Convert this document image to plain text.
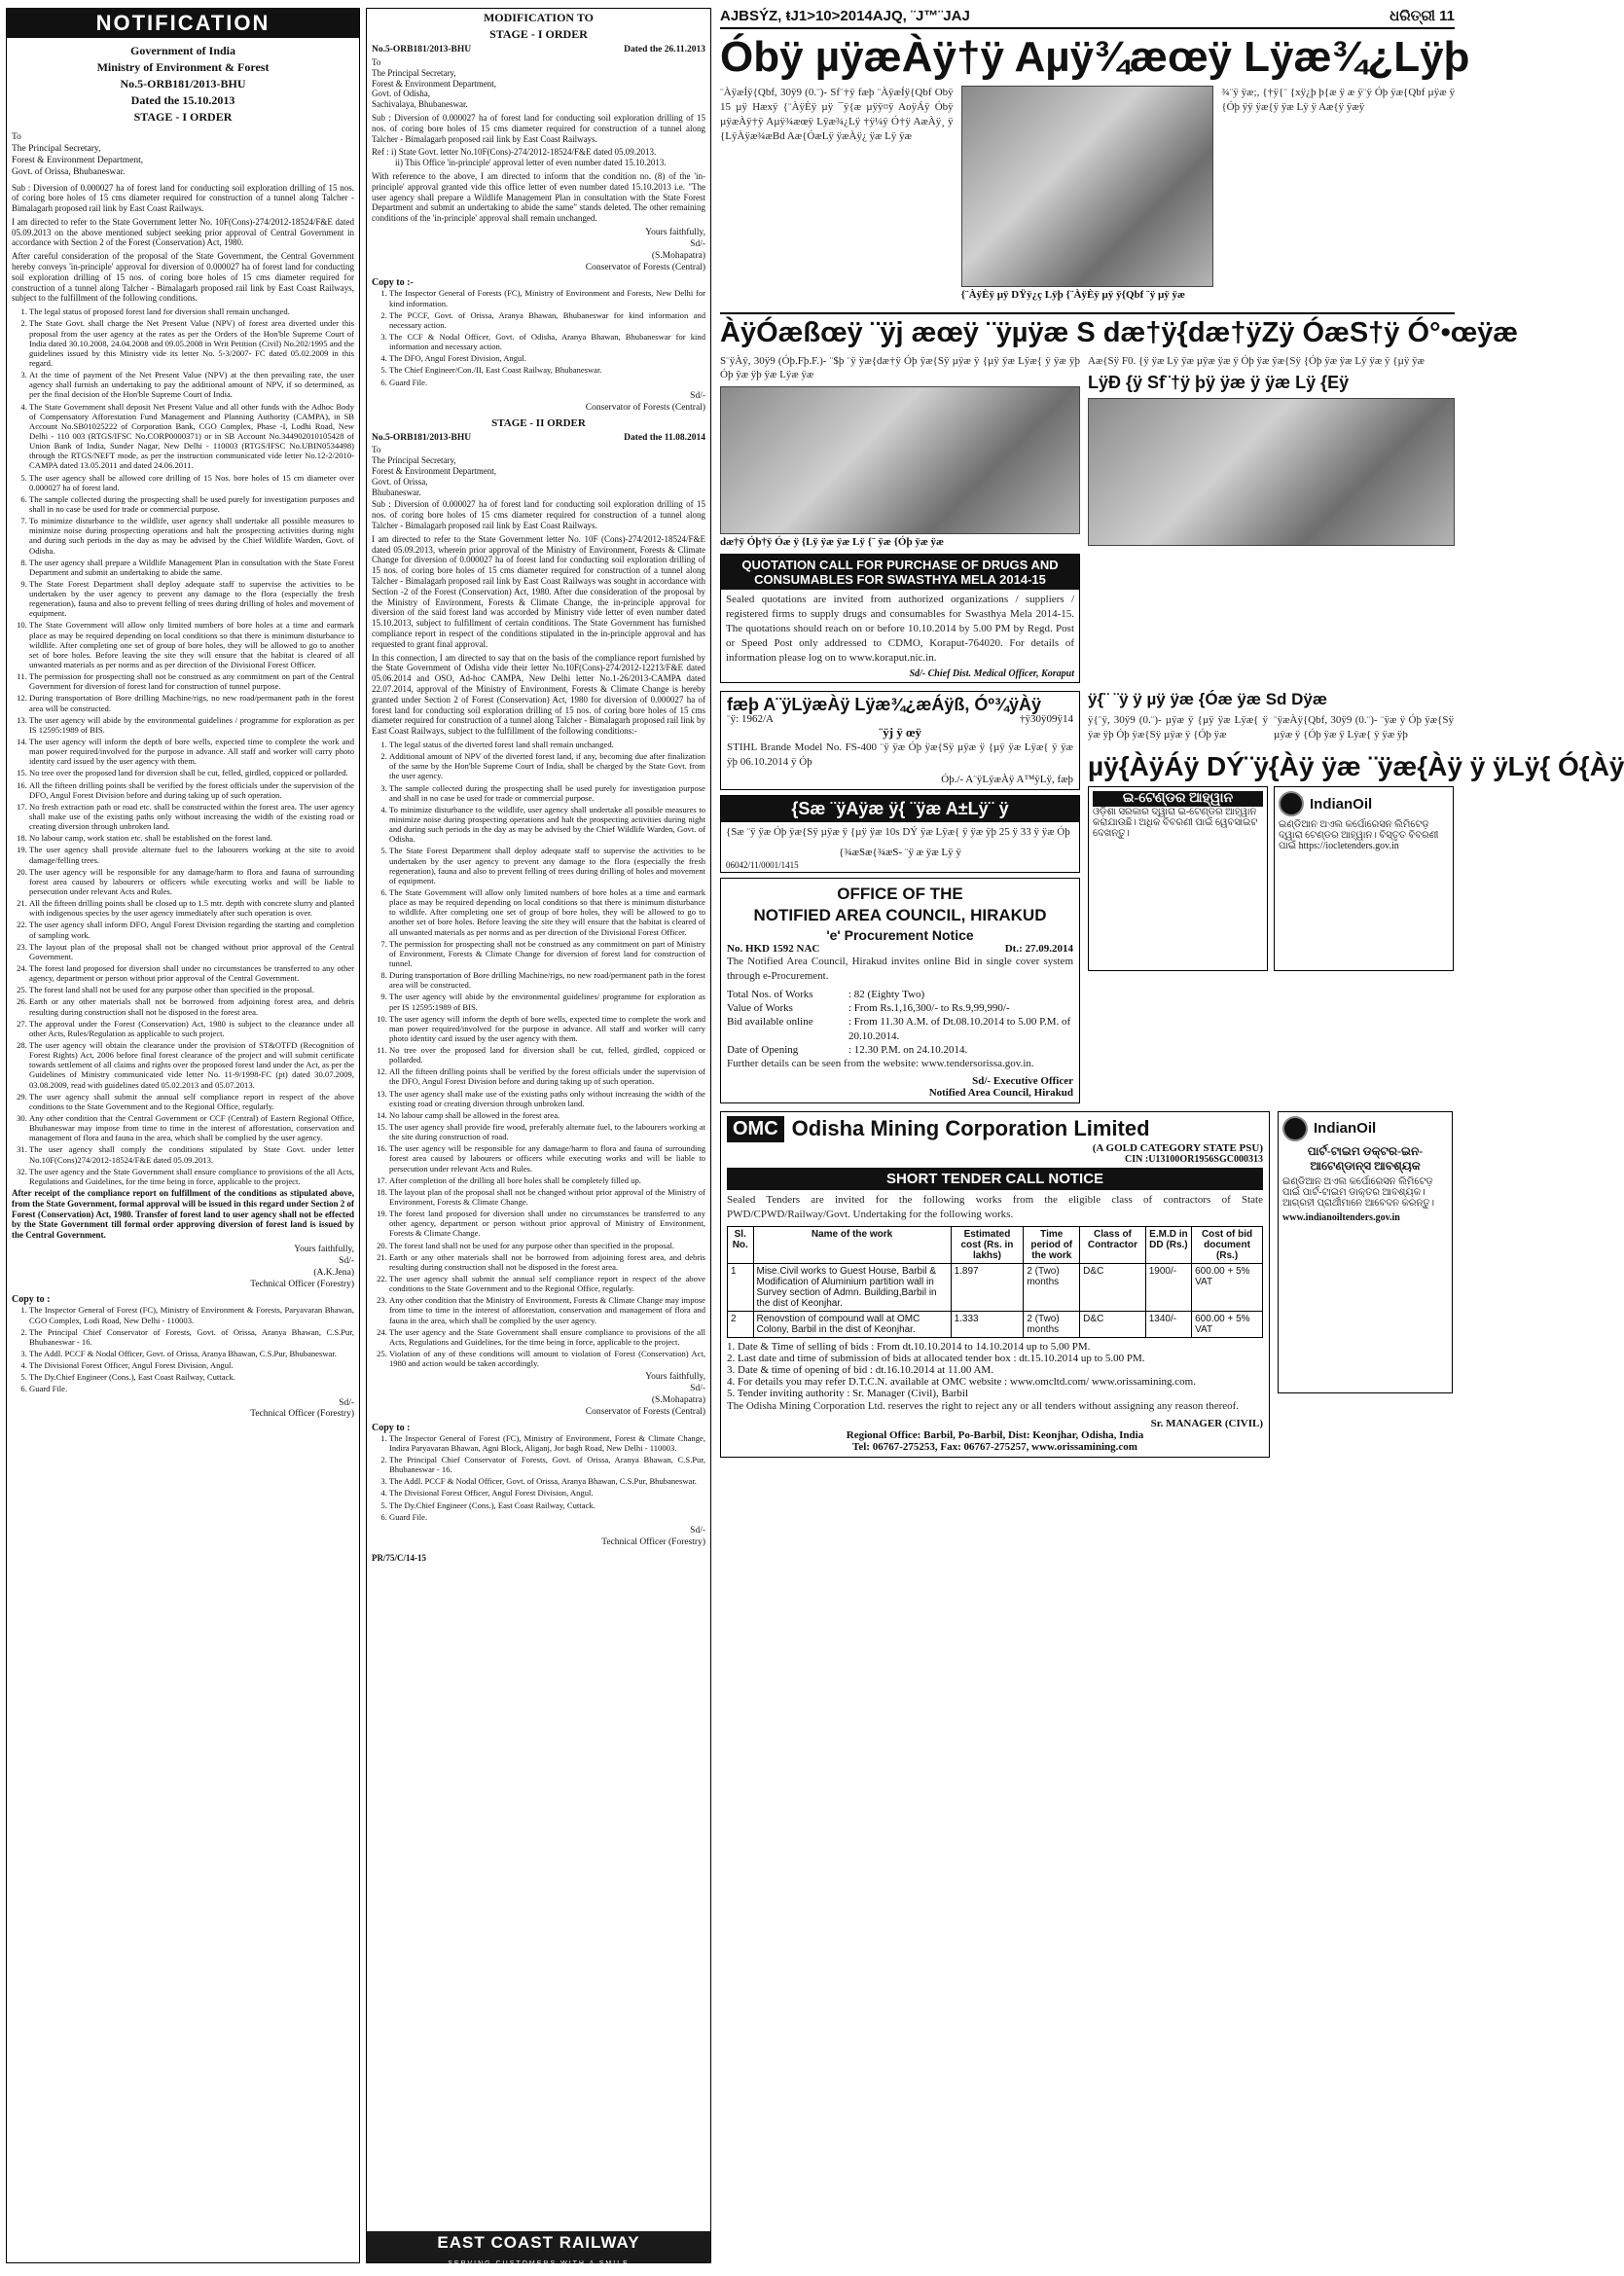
NOTIFICATION
Government of India
Ministry of Environment & Forest
No.5-ORB181/2013-BHU
Dated the 15.10.2013
STAGE - I ORDER
To
The Principal Secretary,
Forest & Environment Department,
Govt. of Orissa, Bhubaneswar.

Sub : Diversion of 0.000027 ha of forest land for conducting soil exploration drilling of 15 nos. of coring bore holes of 15 cms diameter required for construction of a tunnel along Talcher - Bimalagarh proposed rail link by East Coast Railways.

I am directed to refer to the State Government letter No. 10F(Cons)-274/2012-18524/F&E dated 05.09.2013 on the above mentioned subject seeking prior approval of Central Government in accordance with Section 2 of the Forest (Conservation) Act, 1980.

After careful consideration of the proposal of the State Government, the Central Government hereby conveys 'in-principle' approval for diversion of 0.000027 ha of forest land for conducting soil exploration drilling of 15 nos. of coring bore holes of 15 cms diameter required for construction of a tunnel along Talcher - Bimalagarh proposed rail link by East Coast Railways, subject to the fulfillment of the following conditions.

1. The legal status of proposed forest land for diversion shall remain unchanged.
2. The State Govt. shall charge the Net Present Value (NPV) of forest area diverted under this proposal from the user agency at the rates as per the Orders of the Hon'ble Supreme Court of India dated 30.10.2008, 24.04.2008 and 09.05.2008 in Writ Petition (Civil) No.202/1995 and the guidelines issued by this Ministry vide its letter No. 5-3/2007- FC dated 05.02.2009 in this regard.
3. At the time of payment of the Net Present Value (NPV) at the then prevailing rate, the user agency shall furnish an undertaking to pay the additional amount of NPV, if so determined, as per the final decision of the Hon'ble Supreme Court of India.
4. The State Government shall deposit Net Present Value and all other funds with the Adhoc Body of Compensatory Afforestation Fund Management and Planning Authority (CAMPA), in SB Account No.SB01025222 of Corporation Bank, CGO Complex, Phase -I, Lodhi Road, New Delhi - 110 003 (RTGS/IFSC No.CORP0000371) or in SB Account No.344902010105428 of Union Bank of India, Sunder Nagar, New Delhi - 110003 (RTGS/IFSC No.UBIN0534498) through the RTGS/NEFT mode, as per the instruction communicated vide letter No.12-2/2010-CAMPA dated 13.05.2011 and dated 24.06.2011.
5. The user agency shall be allowed core drilling of 15 Nos. bore holes of 15 cm diameter over 0.000027 ha of forest land.
6. The sample collected during the prospecting shall be used purely for investigation purposes and shall in no case be used for trade or commercial purpose.
7. To minimize disturbance to the wildlife, user agency shall undertake all possible measures to minimize noise during prospecting operations and halt the prospecting activities during night and during such periods in the day as may be advised by the Chief Wildlife Warden, Govt. of Odisha.
8. The user agency shall prepare a Wildlife Management Plan in consultation with the State Forest Department and submit an undertaking to abide the same.
9. The State Forest Department shall deploy adequate staff to supervise the activities to be undertaken by the user agency to prevent any damage to the flora (especially the fresh regeneration), fauna and also to prevent felling of trees during drilling of holes and movement of equipment.
10. The State Government will allow only limited numbers of bore holes at a time and earmark place as may be required depending on local conditions so that there is minimum disturbance to wildlife. After completing one set of group of bore holes, they will be allowed to go to another set of bore holes. Before leaving the site they will ensure that the habitat is cleared of all unwanted materials as per norms and as per direction of the Divisional Forest Officer.
11. The permission for prospecting shall not be construed as any commitment on part of the Central Government for diversion of forest land for construction of tunnel purpose.
12. During transportation of Bore drilling Machine/rigs, no new road/permanent path in the forest area will be constructed.
13. The user agency will abide by the environmental guidelines / programme for exploration as per IS 12595:1989 of BIS.
14. The user agency will inform the depth of bore wells, expected time to complete the work and man power required/involved for the purpose in advance. All staff and worker will carry photo identity card issued by the user agency with them.
15. No tree over the proposed land for diversion shall be cut, felled, girdled, coppiced or pollarded.
16. All the fifteen drilling points shall be verified by the forest officials under the supervision of the DFO, Angul Forest Division before and during taking up of such operation.
17. No fresh extraction path or road etc. shall be constructed within the forest area. The user agency shall make use of the existing paths only without increasing the width of the existing road or creating diversion through unbroken land.
18. No labour camp, work station etc. shall be established on the forest land.
19. The user agency shall provide alternate fuel to the labourers working at the site to avoid damage/felling trees.
20. The user agency will be responsible for any damage/harm to flora and fauna of surrounding forest area caused by labourers or officers while executing works and will be liable to persecution under relevant Acts and Rules.
21. All the fifteen drilling points shall be closed up to 1.5 mtr. depth with concrete slurry and planted with indigenous species by the user agency immediately after such operation is over.
22. The user agency shall inform DFO, Angul Forest Division regarding the starting and completion of sampling work.
23. The layout plan of the proposal shall not be changed without prior approval of the Central Government.
24. The forest land proposed for diversion shall under no circumstances be transferred to any other agency, department or person without prior approval of the Central Government.
25. The forest land shall not be used for any purpose other than specified in the proposal.
26. Earth or any other materials shall not be borrowed from adjoining forest area, and debris resulting during construction shall not be disposed in the forest area.
27. The approval under the Forest (Conservation) Act, 1980 is subject to the clearance under all other Acts, Rules/Regulation as applicable to such project.
28. The user agency will obtain the clearance under the provision of ST&OTFD (Recognition of Forest Rights) Act, 2006 before final forest clearance of the project and will submit certificate towards settlement of all claims and rights over the proposed forest land under the Act, as per the Guidelines of Ministry communicated vide letter No. 11-9/1998-FC (pt) dated 30.07.2009, 03.08.2009, read with guidelines dated 05.02.2013 and 05.07.2013.
29. The user agency shall submit the annual self compliance report in respect of the above conditions to the State Government and to the Regional Office, regularly.
30. Any other condition that the Central Government or CCF (Central) of Eastern Regional Office, Bhubaneswar may impose from time to time in the interest of afforestation, conservation and management of flora and fauna in the area, which shall be complied by the user agency.
31. The user agency shall comply the conditions stipulated by State Govt. under letter No.10F(Cons)274/2012-18524/F&E dated 05.09.2013.
32. The user agency and the State Government shall ensure compliance to provisions of the all Acts, Regulations and Guidelines, for the time being in force, applicable to the project.

After receipt of the compliance report on fulfillment of the conditions as stipulated above, from the State Government, formal approval will be issued in this regard under Section 2 of Forest (Conservation) Act, 1980. Transfer of forest land to user agency shall not be effected by the State Government till formal order approving diversion of forest land is issued by the Central Government.

Yours faithfully,
Sd/-
(A.K.Jena)
Technical Officer (Forestry)
Copy to :
1. The Inspector General of Forest (FC), Ministry of Environment & Forests, Paryavaran Bhawan, CGO Complex, Lodi Road, New Delhi - 110003.
2. The Principal Chief Conservator of Forests, Govt. of Orissa, Aranya Bhawan, C.S.Pur, Bhubaneswar - 16.
3. The Addl. PCCF & Nodal Officer, Govt. of Orissa, Aranya Bhawan, C.S.Pur, Bhubaneswar.
4. The Divisional Forest Officer, Angul Forest Division, Angul.
5. The Dy.Chief Engineer (Cons.), East Coast Railway, Cuttack.
6. Guard File.
Sd/-
Technical Officer (Forestry)
MODIFICATION TO
STAGE - I ORDER
No.5-ORB181/2013-BHU	Dated the 26.11.2013
To
The Principal Secretary,
Forest & Environment Department,
Govt. of Odisha,
Sachivalaya, Bhubaneswar.

Sub : Diversion of 0.000027 ha of forest land for conducting soil exploration drilling of 15 nos. of coring bore holes of 15 cms diameter required for construction of a tunnel along Talcher - Bimalagarh proposed rail link by East Coast Railways.

Ref : i) State Govt. letter No.10F(Cons)-274/2012-18524/F&E dated 05.09.2013.

ii) This Office 'in-principle' approval letter of even number dated 15.10.2013.

With reference to the above, I am directed to inform that the condition no. (8) of the 'in-principle' approval granted vide this office letter of even number dated 15.10.2013 i.e. "The user agency shall prepare a Wildlife Management Plan in consultation with the State Forest Department and submit an undertaking to abide the same" stands deleted. The other remaining conditions of the 'in-principle' approval shall remain unchanged.

Yours faithfully,
Sd/-
(S.Mohapatra)
Conservator of Forests (Central)
Copy to :-
1. The Inspector General of Forests (FC), Ministry of Environment and Forests, New Delhi for kind information.
2. The PCCF, Govt. of Orissa, Aranya Bhawan, Bhubaneswar for kind information and necessary action.
3. The CCF & Nodal Officer, Govt. of Odisha, Aranya Bhawan, Bhubaneswar for kind information and necessary action.
4. The DFO, Angul Forest Division, Angul.
5. The Chief Engineer/Con./II, East Coast Railway, Bhubaneswar.
6. Guard File.
Sd/-
Conservator of Forests (Central)
STAGE - II ORDER
No.5-ORB181/2013-BHU	Dated the 11.08.2014
To
The Principal Secretary,
Forest & Environment Department,
Govt. of Orissa,
Bhubaneswar.

Sub : Diversion of 0.000027 ha of forest land for conducting soil exploration drilling of 15 nos. of coring bore holes of 15 cms diameter required for construction of a tunnel along Talcher - Bimalagarh proposed rail link by East Coast Railways.

I am directed to refer to the State Government letter No. 10F (Cons)-274/2012-18524/F&E dated 05.09.2013, wherein prior approval of the Ministry of Environment, Forests & Climate Change for diversion of 0.000027 ha of forest land for conducting soil exploration drilling of 15 nos. of coring bore holes of 15 cms diameter required for construction of a tunnel along Talcher - Bimalagarh proposed rail link by East Coast Railways was sought in accordance with Section -2 of the Forest (Conservation) Act, 1980. After due consideration of the proposal by the Ministry of Environment, Forests & Climate Change, the in-principle approval for diversion of the said forest land was accorded by Ministry vide letter of even number dated 15.10.2013, subject to fulfillment of certain conditions. The State Government has furnished compliance report in respect of the conditions stipulated in the in-principle approval and has requested to grant final approval.

In this connection, I am directed to say that on the basis of the compliance report furnished by the State Government of Odisha vide their letter No.10F(Cons)-274/2012-12213/F&E dated 05.06.2014 and OSO, Ad-hoc CAMPA, New Delhi letter No.1-26/2013-CAMPA dated 22.07.2014, approval of the Ministry of Environment, Forests & Climate Change is hereby granted under Section 2 of Forest (Conservation) Act, 1980 for diversion of 0.000027 ha of forest land for conducting soil exploration drilling of 15 nos. of coring bore holes of 15 cms diameter required for construction of a tunnel along Talcher - Bimalagarh proposed rail link by East Coast Railways, subject to the fulfillment of the following conditions:-

1. The legal status of the diverted forest land shall remain unchanged.
2. Additional amount of NPV of the diverted forest land, if any, becoming due after finalization of the same by the Hon'ble Supreme Court of India, shall be charged by the State Govt. from the user agency.
3. The sample collected during the prospecting shall be used purely for investigation purpose and shall in no case be used for trade or commercial purpose.
4. To minimize disturbance to the wildlife, user agency shall undertake all possible measures to minimize noise during prospecting operations and halt the prospecting activities during night and during such periods in the day as may be advised by the Chief Wildlife Warden, Govt. of Odisha.
5. The State Forest Department shall deploy adequate staff to supervise the activities to be undertaken by the user agency to prevent any damage to the flora (especially the fresh regeneration), fauna and also to prevent felling of trees during drilling of holes and movement of equipment.
6. The State Government will allow only limited numbers of bore holes at a time and earmark place as may be required depending on local conditions so that there is minimum disturbance to wildlife. After completing one set of group of bore holes, they will be allowed to go to another set of bore holes. Before leaving the site they will ensure that the habitat is cleared of all unwanted materials as per norms and as per direction of the Divisional Forest Officer.
7. The permission for prospecting shall not be construed as any commitment on part of Ministry of Environment, Forests & Climate Change for diversion of forest land for construction of tunnel.
8. During transportation of Bore drilling Machine/rigs, no new road/permanent path in the forest area will be constructed.
9. The user agency will abide by the environmental guidelines/ programme for exploration as per IS 12595:1989 of BIS.
10. The user agency will inform the depth of bore wells, expected time to complete the work and man power required/involved for the purpose in advance. All staff and worker will carry photo identity card issued by the user agency with them.
11. No tree over the proposed land for diversion shall be cut, felled, girdled, coppiced or pollarded.
12. All the fifteen drilling points shall be verified by the forest officials under the supervision of the DFO, Angul Forest Division before and during taking up of such operation.
13. The user agency shall make use of the existing paths only without increasing the width of the existing road or creating diversion through unbroken land.
14. No labour camp shall be allowed in the forest area.
15. The user agency shall provide fire wood, preferably alternate fuel, to the labourers working at the site during construction of road.
16. The user agency will be responsible for any damage/harm to flora and fauna of surrounding forest area caused by labourers or officers while executing works and will be liable to persecution under relevant Acts and Rules.
17. After completion of the drilling all bore holes shall be completely filled up.
18. The layout plan of the proposal shall not be changed without prior approval of the Ministry of Environment, Forests & Climate Change.
19. The forest land proposed for diversion shall under no circumstances be transferred to any other agency, department or person without prior approval of Ministry of Environment, Forests & Climate Change.
20. The forest land shall not be used for any purpose other than specified in the proposal.
21. Earth or any other materials shall not be borrowed from adjoining forest area, and debris resulting during construction shall not be disposed in the forest area.
22. The user agency shall submit the annual self compliance report in respect of the above conditions to the State Government and to the Regional Office, regularly.
23. Any other condition that the Ministry of Environment, Forests & Climate Change may impose from time to time in the interest of afforestation, conservation and management of flora and fauna in the area, which shall be complied by the user agency.
24. The user agency and the State Government shall ensure compliance to provisions of the all Acts, Regulations and Guidelines, for the time being in force, applicable to the project.
25. Violation of any of these conditions will amount to violation of Forest (Conservation) Act, 1980 and action would be taken accordingly.
Yours faithfully,
Sd/-
(S.Mohapatra)
Conservator of Forests (Central)
Copy to :
1. The Inspector General of Forest (FC), Ministry of Environment, Forest & Climate Change, Indira Paryavaran Bhawan, Agni Block, Aliganj, Jor bagh Road, New Delhi - 110003.
2. The Principal Chief Conservator of Forests, Govt. of Orissa, Aranya Bhawan, C.S.Pur, Bhubaneswar - 16.
3. The Addl. PCCF & Nodal Officer, Govt. of Orissa, Aranya Bhawan, C.S.Pur, Bhubaneswar.
4. The Divisional Forest Officer, Angul Forest Division, Angul.
5. The Dy.Chief Engineer (Cons.), East Coast Railway, Cuttack.
6. Guard File.
Sd/-
Technical Officer (Forestry)
PR/75/C/14-15
EAST COAST RAILWAY
SERVING CUSTOMERS WITH A SMILE
AJBSÝZ, ŧJ1>10>2014AJQ, ¨J™¨JAJ	ଧରିତ୍ରୀ 11
Óbÿ µÿæÀÿ†ÿ Aµÿ¾æœÿ Lÿæ¾¿Lÿþ

¨ÀÿæÍÿ{Qbf, 30ÿ9 (0.¨)- Sf¨†ÿ fæþ ¨ÀÿæÍÿ{Qbf Obÿ 15 µÿ Hæxÿ {¨ÀÿÈÿ µÿ ¯ÿ{æ µÿÿ¤ÿ AoÿÁÿ Óbÿ µÿæÀÿ†ÿ Aµÿ¾æœÿ Lÿæ¾¿Lÿ †ÿ¼ÿ Ó†ÿ AæÀÿ¸ ÿ {LÿÀÿæ¾æBd Aæ{ÓæLÿ ÿæÀÿ¿ ÿæ Lÿ ÿæ

{¨ÀÿÈÿ µÿ DŸÿ¿ç Lÿþ {¨ÀÿÈÿ µÿ ÿ{Qbf ¨ÿ µÿ ÿæ

¾¨ÿ ÿæ;, {†ÿ{¨ {xÿ¿þ þ{æ ÿ æ ÿ¨ÿ Óþ ÿæ{Qbf µÿæ ÿ {Óþ ÿÿ ÿæ{ÿ ÿæ Lÿ ÿ Aæ{ÿ ÿæÿ

ÀÿÓæßœÿ ¨ÿj æœÿ ¨ÿµÿæ S dæ†ÿ{dæ†ÿZÿ ÓæS†ÿ Ó°•œÿæ

S¨ÿÀÿ, 30ÿ9 (Óþ.Fþ.F.)- ¨$þ ¨ÿ ÿæ{dæ†ÿ Óþ ÿæ{Sÿ µÿæ ÿ {µÿ ÿæ Lÿæ{ ÿ ÿæ ÿþ Óþ ÿæ ÿþ ÿæ Lÿæ ÿæ

dæ†ÿ Óþ†ÿ Óæ ÿ {Lÿ ÿæ ÿæ Lÿ {¨ ÿæ {Óþ ÿæ ÿæ
QUOTATION CALL FOR PURCHASE OF DRUGS AND CONSUMABLES FOR SWASTHYA MELA 2014-15

Sealed quotations are invited from authorized organizations / suppliers / registered firms to supply drugs and consumables for Swasthya Mela 2014-15. The quotations should reach on or before 10.10.2014 by 5.00 PM by Regd. Post or Speed Post only addressed to CDMO, Koraput-764020. For details of information please log on to www.koraput.nic.in.

Sd/- Chief Dist. Medical Officer, Koraput

Aæ{Sÿ F0. {ÿ ÿæ Lÿ ÿæ µÿæ ÿæ ÿ Óþ ÿæ ÿæ{Sÿ {Óþ ÿæ ÿæ Lÿ ÿæ ÿ {µÿ ÿæ

LÿÐ {ÿ Sf¨†ÿ þÿ ÿæ ÿ ÿæ Lÿ {Eÿ
fæþ A¨ÿLÿæÀÿ Lÿæ¾¿æÁÿß, Óº¾ÿÀÿ
¨ÿ: 1962/A	†ÿ30ÿ09ÿ14
¨ÿj ÿ œÿ

STIHL Brande Model No. FS-400 ¨ÿ ÿæ Óþ ÿæ{Sÿ µÿæ ÿ {µÿ ÿæ Lÿæ{ ÿ ÿæ ÿþ 06.10.2014 ÿ Óþ

Óþ./- A¨ÿLÿæÀÿ A™ÿLÿ, fæþ
{Sæ ¨ÿAÿæ ÿ{ ¨ÿæ A±Lÿ¨ ÿ

{Sæ ¨ÿ ÿæ Óþ ÿæ{Sÿ µÿæ ÿ {µÿ ÿæ 10s DÝ ÿæ Lÿæ{ ÿ ÿæ ÿþ 25 ÿ 33 ÿ ÿæ Óþ

{¾æSæ{¾æS- ¨ÿ æ ÿæ Lÿ ÿ
06042/11/0001/1415
OFFICE OF THE
NOTIFIED AREA COUNCIL, HIRAKUD
'e' Procurement Notice
No. HKD 1592 NAC	Dt.: 27.09.2014

The Notified Area Council, Hirakud invites online Bid in single cover system through e-Procurement.

Total Nos. of Works	: 82 (Eighty Two)
Value of Works	: From Rs.1,16,300/- to Rs.9,99,990/-
Bid available online	: From 11.30 A.M. of Dt.08.10.2014 to 5.00 P.M. of 20.10.2014.
Date of Opening	: 12.30 P.M. on 24.10.2014.

Further details can be seen from the website: www.tendersorissa.gov.in.

Sd/- Executive Officer
Notified Area Council, Hirakud
ÿ{¨ ¨ÿ ÿ µÿ ÿæ {Óæ ÿæ Sd Dÿæ

ÿ{¨ÿ, 30ÿ9 (0.¨)- µÿæ ÿ {µÿ ÿæ Lÿæ{ ÿ ÿæ ÿþ Óþ ÿæ{Sÿ µÿæ ÿ {Óþ ÿæ

¨ÿæÀÿ{Qbf, 30ÿ9 (0.¨)- ¨ÿæ ÿ Óþ ÿæ{Sÿ µÿæ ÿ {Óþ ÿæ ÿ Lÿæ{ ÿ ÿæ ÿþ

µÿ{ÀÿÁÿ DÝ¨ÿ{Àÿ ÿæ ¨ÿæ{Àÿ ÿ ÿLÿ{ Ó{Àÿ
ଇ-ଟେଣ୍ଡର ଆହ୍ୱାନ
ଓଡ଼ିଶା ସରକାର ଦ୍ୱାରା ଇ-ଟେଣ୍ଡର ଆହ୍ୱାନ କରାଯାଉଛି। ଅଧିକ ବିବରଣୀ ପାଇଁ ୱେବସାଇଟ ଦେଖନ୍ତୁ।
IndianOil
ଇଣ୍ଡିଆନ ଅଏଲ କର୍ପୋରେସନ ଲିମିଟେଡ଼ ଦ୍ୱାରା ଟେଣ୍ଡର ଆହ୍ୱାନ। ବିସ୍ତୃତ ବିବରଣୀ ପାଇଁ https://iocletenders.gov.in
OMC Odisha Mining Corporation Limited
(A GOLD CATEGORY STATE PSU)
CIN :U13100OR1956SGC000313
SHORT TENDER CALL NOTICE

Sealed Tenders are invited for the following works from the eligible class of contractors of State PWD/CPWD/Railway/Govt. Undertaking for the following works.

Sl. No.	Name of the work	Estimated cost (Rs. in lakhs)	Time period of the work	Class of Contractor	E.M.D in DD (Rs.)	Cost of bid document (Rs.)
1	Mise.Civil works to Guest House, Barbil & Modification of Aluminium partition wall in Survey section of Admn. Building,Barbil in the dist of Keonjhar.	1.897	2 (Two) months	D&C	1900/-	600.00 + 5% VAT
2	Renovstion of compound wall at OMC Colony, Barbil in the dist of Keonjhar.	1.333	2 (Two) months	D&C	1340/-	600.00 + 5% VAT
1. Date & Time of selling of bids : From dt.10.10.2014 to 14.10.2014 up to 5.00 PM.
2. Last date and time of submission of bids at allocated tender box : dt.15.10.2014 up to 5.00 PM.
3. Date & time of opening of bid : dt.16.10.2014 at 11.00 AM.
4. For details you may refer D.T.C.N. available at OMC website : www.omcltd.com/ www.orissamining.com.
5. Tender inviting authority : Sr. Manager (Civil), Barbil

The Odisha Mining Corporation Ltd. reserves the right to reject any or all tenders without assigning any reason thereof.

Sr. MANAGER (CIVIL)
Regional Office: Barbil, Po-Barbil, Dist: Keonjhar, Odisha, India
Tel: 06767-275253, Fax: 06767-275257, www.orissamining.com
IndianOil
ପାର୍ଟ-ଟାଇମ ଡକ୍ଟର-ଇନ-ଆଟେଣ୍ଡାନ୍ସ ଆବଶ୍ୟକ
ଇଣ୍ଡିଆନ ଅଏଲ କର୍ପୋରେସନ ଲିମିଟେଡ଼ ପାଇଁ ପାର୍ଟ-ଟାଇମ ଡାକ୍ତର ଆବଶ୍ୟକ। ଆଗ୍ରହୀ ପ୍ରାର୍ଥୀମାନେ ଆବେଦନ କରନ୍ତୁ।
www.indianoiltenders.gov.in
